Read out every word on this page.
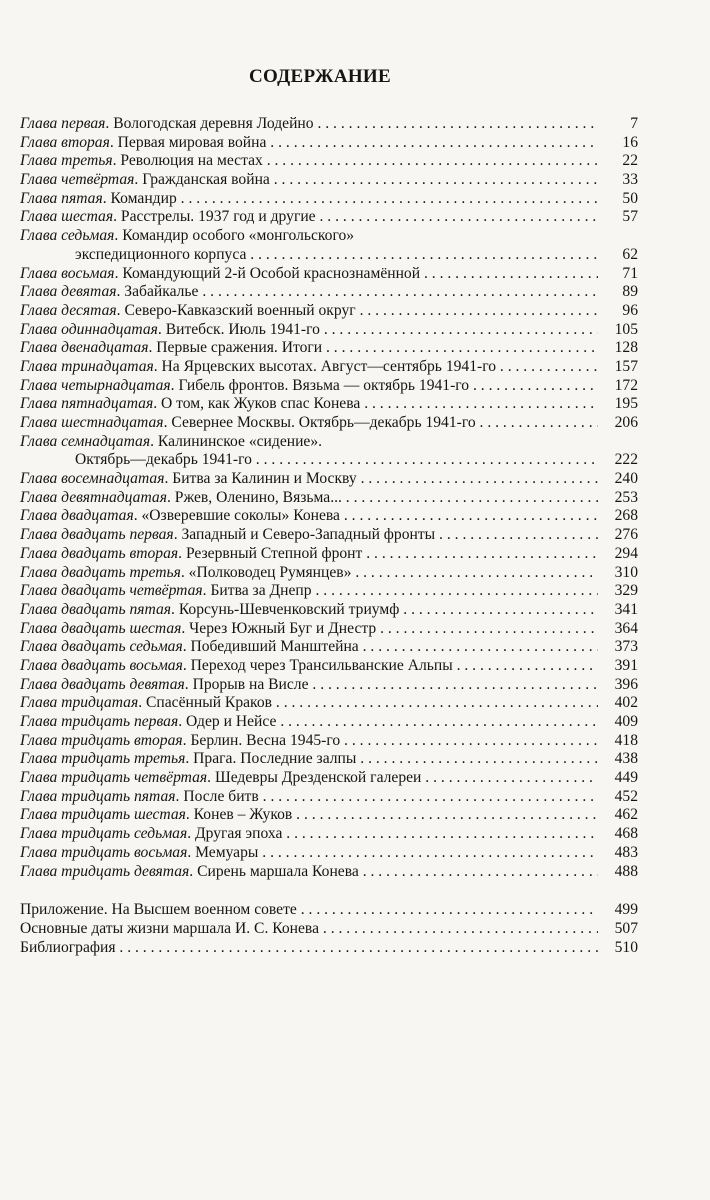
СОДЕРЖАНИЕ
Глава первая. Вологодская деревня Лодейно . . .	7
Глава вторая. Первая мировая война . . .	16
Глава третья. Революция на местах . . .	22
Глава четвёртая. Гражданская война . . .	33
Глава пятая. Командир . . .	50
Глава шестая. Расстрелы. 1937 год и другие . . .	57
Глава седьмая. Командир особого «монгольского»
экспедиционного корпуса . . .	62
Глава восьмая. Командующий 2-й Особой краснознамённой . . .	71
Глава девятая. Забайкалье . . .	89
Глава десятая. Северо-Кавказский военный округ . . .	96
Глава одиннадцатая. Витебск. Июль 1941-го . . .	105
Глава двенадцатая. Первые сражения. Итоги . . .	128
Глава тринадцатая. На Ярцевских высотах. Август—сентябрь 1941-го . . .	157
Глава четырнадцатая. Гибель фронтов. Вязьма — октябрь 1941-го . . .	172
Глава пятнадцатая. О том, как Жуков спас Конева . . .	195
Глава шестнадцатая. Севернее Москвы. Октябрь—декабрь 1941-го . . .	206
Глава семнадцатая. Калининское «сидение».
Октябрь—декабрь 1941-го . . .	222
Глава восемнадцатая. Битва за Калинин и Москву . . .	240
Глава девятнадцатая. Ржев, Оленино, Вязьма... . . .	253
Глава двадцатая. «Озверевшие соколы» Конева . . .	268
Глава двадцать первая. Западный и Северо-Западный фронты . . .	276
Глава двадцать вторая. Резервный Степной фронт . . .	294
Глава двадцать третья. «Полководец Румянцев» . . .	310
Глава двадцать четвёртая. Битва за Днепр . . .	329
Глава двадцать пятая. Корсунь-Шевченковский триумф . . .	341
Глава двадцать шестая. Через Южный Буг и Днестр . . .	364
Глава двадцать седьмая. Победивший Манштейна . . .	373
Глава двадцать восьмая. Переход через Трансильванские Альпы . . .	391
Глава двадцать девятая. Прорыв на Висле . . .	396
Глава тридцатая. Спасённый Краков . . .	402
Глава тридцать первая. Одер и Нейсе . . .	409
Глава тридцать вторая. Берлин. Весна 1945-го . . .	418
Глава тридцать третья. Прага. Последние залпы . . .	438
Глава тридцать четвёртая. Шедевры Дрезденской галереи . . .	449
Глава тридцать пятая. После битв . . .	452
Глава тридцать шестая. Конев – Жуков . . .	462
Глава тридцать седьмая. Другая эпоха . . .	468
Глава тридцать восьмая. Мемуары . . .	483
Глава тридцать девятая. Сирень маршала Конева . . .	488
Приложение. На Высшем военном совете . . .	499
Основные даты жизни маршала И. С. Конева . . .	507
Библиография . . .	510
